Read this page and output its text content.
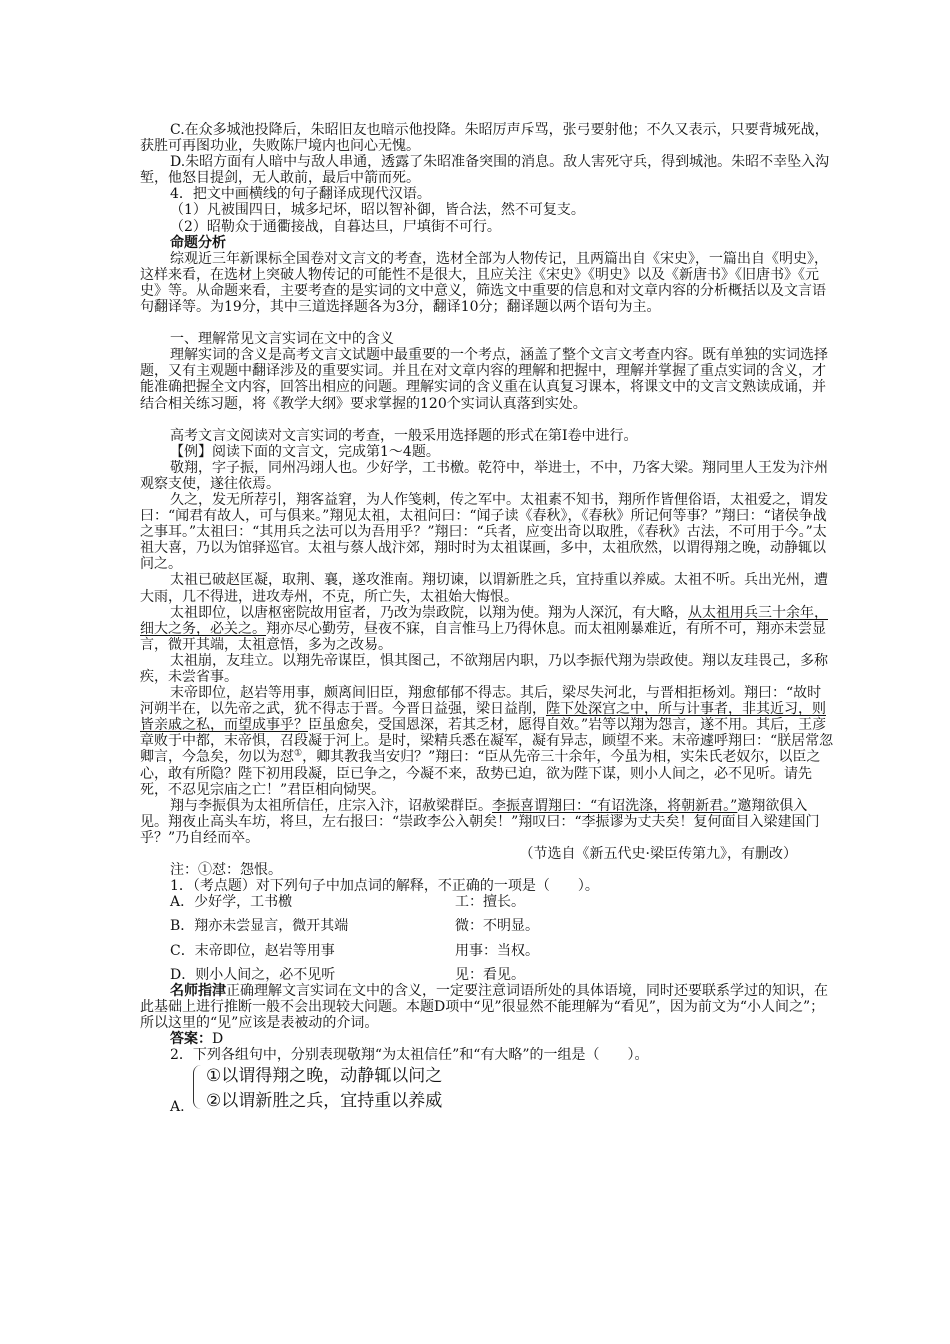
C.在众多城池投降后，朱昭旧友也暗示他投降。朱昭厉声斥骂，张弓要射他；不久又表示，只要背城死战，获胜可再图功业，失败陈尸境内也问心无愧。

D.朱昭方面有人暗中与敌人串通，透露了朱昭准备突围的消息。敌人害死守兵，得到城池。朱昭不幸坠入沟堑，他怒目提剑，无人敢前，最后中箭而死。

4．把文中画横线的句子翻译成现代汉语。

（1）凡被围四日，城多圮坏，昭以智补御，皆合法，然不可复支。

（2）昭勒众于通衢接战，自暮达旦，尸填街不可行。

命题分析

综观近三年新课标全国卷对文言文的考查，选材全部为人物传记，且两篇出自《宋史》，一篇出自《明史》，这样来看，在选材上突破人物传记的可能性不是很大，且应关注《宋史》《明史》以及《新唐书》《旧唐书》《元史》等。从命题来看，主要考查的是实词的文中意义，筛选文中重要的信息和对文章内容的分析概括以及文言语句翻译等。为19分，其中三道选择题各为3分，翻译10分；翻译题以两个语句为主。

一、理解常见文言实词在文中的含义

理解实词的含义是高考文言文试题中最重要的一个考点，涵盖了整个文言文考查内容。既有单独的实词选择题，又有主观题中翻译涉及的重要实词。并且在对文章内容的理解和把握中，理解并掌握了重点实词的含义，才能准确把握全文内容，回答出相应的问题。理解实词的含义重在认真复习课本，将课文中的文言文熟读成诵，并结合相关练习题，将《教学大纲》要求掌握的120个实词认真落到实处。

高考文言文阅读对文言实词的考查，一般采用选择题的形式在第Ⅰ卷中进行。

【例】阅读下面的文言文，完成第1～4题。

敬翔，字子振，同州冯翊人也。少好学，工书檄。乾符中，举进士，不中，乃客大梁。翔同里人王发为汴州观察支使，遂往依焉。

久之，发无所荐引，翔客益窘，为人作笺刺，传之军中。太祖素不知书，翔所作皆俚俗语，太祖爱之，谓发曰：“闻君有故人，可与俱来。”翔见太祖，太祖问曰：“闻子读《春秋》，《春秋》所记何等事？”翔曰：“诸侯争战之事耳。”太祖曰：“其用兵之法可以为吾用乎？”翔曰：“兵者，应变出奇以取胜，《春秋》古法，不可用于今。”太祖大喜，乃以为馆驿巡官。太祖与蔡人战汴郊，翔时时为太祖谋画，多中，太祖欣然，以谓得翔之晚，动静辄以问之。

太祖已破赵匡凝，取荆、襄，遂攻淮南。翔切谏，以谓新胜之兵，宜持重以养威。太祖不听。兵出光州，遭大雨，几不得进，进攻寿州，不克，所亡失，太祖始大悔恨。

太祖即位，以唐枢密院故用宦者，乃改为崇政院，以翔为使。翔为人深沉，有大略，从太祖用兵三十余年，细大之务，必关之。翔亦尽心勤劳，昼夜不寐，自言惟马上乃得休息。而太祖刚暴难近，有所不可，翔亦未尝显言，微开其端，太祖意悟，多为之改易。

太祖崩，友珪立。以翔先帝谋臣，惧其图己，不欲翔居内职，乃以李振代翔为崇政使。翔以友珪畏己，多称疾，未尝省事。

末帝即位，赵岩等用事，颇离间旧臣，翔愈郁郁不得志。其后，梁尽失河北，与晋相拒杨刘。翔曰：“故时河朔半在，以先帝之武，犹不得志于晋。今晋日益强，梁日益削，陛下处深宫之中，所与计事者，非其近习，则皆亲戚之私，而望成事乎？臣虽愈矣，受国恩深，若其乏材，愿得自效。”岩等以翔为怨言，遂不用。其后，王彦章败于中都，末帝惧，召段凝于河上。是时，梁精兵悉在凝军，凝有异志，顾望不来。末帝遽呼翔曰：“朕居常忽卿言，今急矣，勿以为怼①，卿其教我当安归？”翔曰：“臣从先帝三十余年，今虽为相，实朱氏老奴尔，以臣之心，敢有所隐？陛下初用段凝，臣已争之，今凝不来，敌势已迫，欲为陛下谋，则小人间之，必不见听。请先死，不忍见宗庙之亡！”君臣相向恸哭。

翔与李振俱为太祖所信任，庄宗入汴，诏赦梁群臣。李振喜谓翔曰：“有诏洗涤，将朝新君。”邀翔欲俱入见。翔夜止高头车坊，将旦，左右报曰：“崇政李公入朝矣！”翔叹曰：“李振谬为丈夫矣！复何面目入梁建国门乎？”乃自经而卒。

（节选自《新五代史·梁臣传第九》，有删改）

注：①怼：怨恨。

1．（考点题）对下列句子中加点词的解释，不正确的一项是（　　）。

A．少好学，工书檄	工：擅长。
B．翔亦未尝显言，微开其端	微：不明显。
C．末帝即位，赵岩等用事	用事：当权。
D．则小人间之，必不见听	见：看见。

名师指津正确理解文言实词在文中的含义，一定要注意词语所处的具体语境，同时还要联系学过的知识，在此基础上进行推断一般不会出现较大问题。本题D项中“见”很显然不能理解为“看见”，因为前文为“小人间之”；所以这里的“见”应该是表被动的介词。

答案：D

2．下列各组句中，分别表现敬翔“为太祖信任”和“有大略”的一组是（　　）。

A.
①以谓得翔之晚，动静辄以问之
②以谓新胜之兵，宜持重以养威
